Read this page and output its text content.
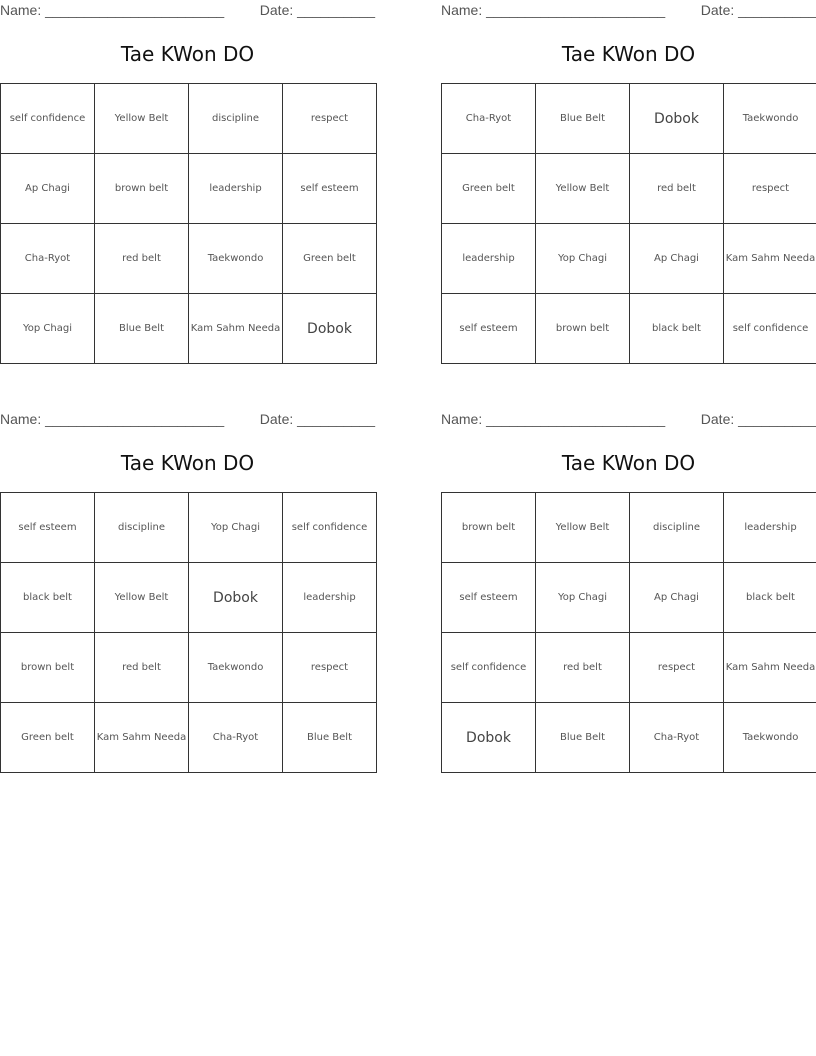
Name: _______________________	Date: __________
Tae KWon DO
self confidence	Yellow Belt	discipline	respect
Ap Chagi	brown belt	leadership	self esteem
Cha-Ryot	red belt	Taekwondo	Green belt
Yop Chagi	Blue Belt	Kam Sahm Needa	Dobok
Name: _______________________	Date: __________
Tae KWon DO
Cha-Ryot	Blue Belt	Dobok	Taekwondo
Green belt	Yellow Belt	red belt	respect
leadership	Yop Chagi	Ap Chagi	Kam Sahm Needa
self esteem	brown belt	black belt	self confidence
Name: _______________________	Date: __________
Tae KWon DO
self esteem	discipline	Yop Chagi	self confidence
black belt	Yellow Belt	Dobok	leadership
brown belt	red belt	Taekwondo	respect
Green belt	Kam Sahm Needa	Cha-Ryot	Blue Belt
Name: _______________________	Date: __________
Tae KWon DO
brown belt	Yellow Belt	discipline	leadership
self esteem	Yop Chagi	Ap Chagi	black belt
self confidence	red belt	respect	Kam Sahm Needa
Dobok	Blue Belt	Cha-Ryot	Taekwondo
